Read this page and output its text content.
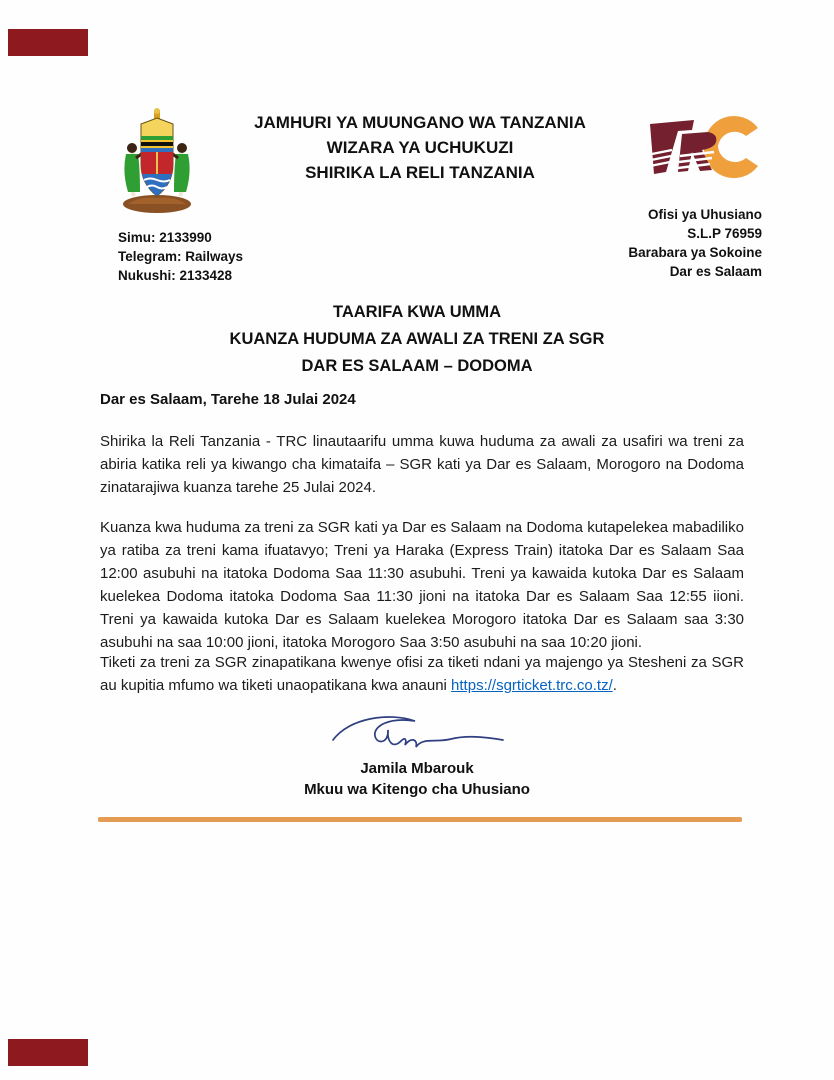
JAMHURI YA MUUNGANO WA TANZANIA
WIZARA YA UCHUKUZI
SHIRIKA LA RELI TANZANIA
Simu: 2133990
Telegram: Railways
Nukushi: 2133428
Ofisi ya Uhusiano
S.L.P 76959
Barabara ya Sokoine
Dar es Salaam
TAARIFA KWA UMMA
KUANZA HUDUMA ZA AWALI ZA TRENI ZA SGR
DAR ES SALAAM – DODOMA
Dar es Salaam, Tarehe 18 Julai 2024

Shirika la Reli Tanzania - TRC linautaarifu umma kuwa huduma za awali za usafiri wa treni za abiria katika reli ya kiwango cha kimataifa – SGR kati ya Dar es Salaam, Morogoro na Dodoma zinatarajiwa kuanza tarehe 25 Julai 2024.

Kuanza kwa huduma za treni za SGR kati ya Dar es Salaam na Dodoma kutapelekea mabadiliko ya ratiba za treni kama ifuatavyo; Treni ya Haraka (Express Train) itatoka Dar es Salaam Saa 12:00 asubuhi na itatoka Dodoma Saa 11:30 asubuhi. Treni ya kawaida kutoka Dar es Salaam kuelekea Dodoma itatoka Dodoma Saa 11:30 jioni na itatoka Dar es Salaam Saa 12:55 iioni. Treni ya kawaida kutoka Dar es Salaam kuelekea Morogoro itatoka Dar es Salaam saa 3:30 asubuhi na saa 10:00 jioni, itatoka Morogoro Saa 3:50 asubuhi na saa 10:20 jioni.

Tiketi za treni za SGR zinapatikana kwenye ofisi za tiketi ndani ya majengo ya Stesheni za SGR au kupitia mfumo wa tiketi unaopatikana kwa anauni https://sgrticket.trc.co.tz/.

Jamila Mbarouk
Mkuu wa Kitengo cha Uhusiano
